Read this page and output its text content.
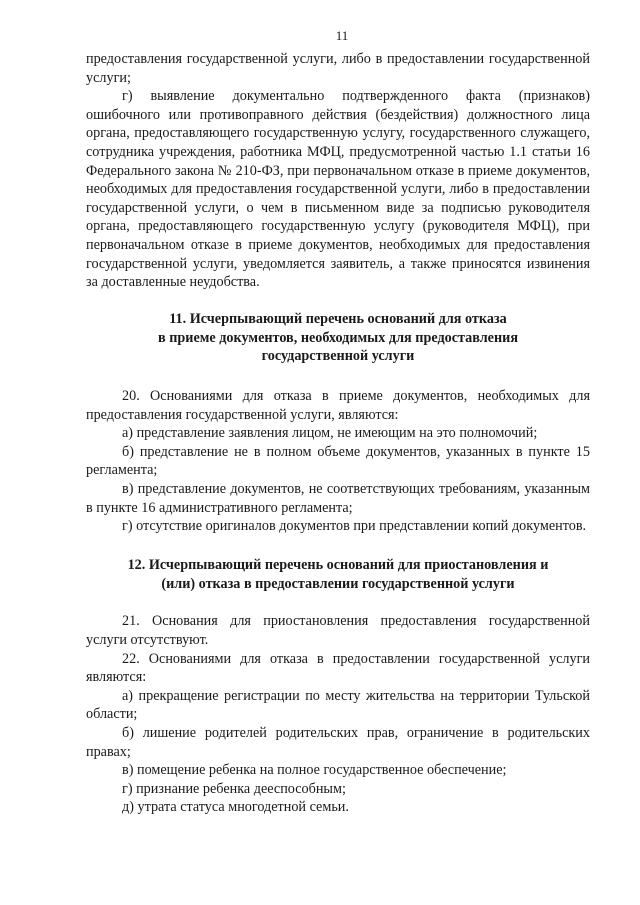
11

предоставления государственной услуги, либо в предоставлении государственной услуги;

г) выявление документально подтвержденного факта (признаков) ошибочного или противоправного действия (бездействия) должностного лица органа, предоставляющего государственную услугу, государственного служащего, сотрудника учреждения, работника МФЦ, предусмотренной частью 1.1 статьи 16 Федерального закона № 210-ФЗ, при первоначальном отказе в приеме документов, необходимых для предоставления государственной услуги, либо в предоставлении государственной услуги, о чем в письменном виде за подписью руководителя органа, предоставляющего государственную услугу (руководителя МФЦ), при первоначальном отказе в приеме документов, необходимых для предоставления государственной услуги, уведомляется заявитель, а также приносятся извинения за доставленные неудобства.

11. Исчерпывающий перечень оснований для отказа
в приеме документов, необходимых для предоставления
государственной услуги

20. Основаниями для отказа в приеме документов, необходимых для предоставления государственной услуги, являются:

а) представление заявления лицом, не имеющим на это полномочий;

б) представление не в полном объеме документов, указанных в пункте 15 регламента;

в) представление документов, не соответствующих требованиям, указанным в пункте 16 административного регламента;

г) отсутствие оригиналов документов при представлении копий документов.

12. Исчерпывающий перечень оснований для приостановления и
(или) отказа в предоставлении государственной услуги

21. Основания для приостановления предоставления государственной услуги отсутствуют.

22. Основаниями для отказа в предоставлении государственной услуги являются:

а) прекращение регистрации по месту жительства на территории Тульской области;

б) лишение родителей родительских прав, ограничение в родительских правах;

в) помещение ребенка на полное государственное обеспечение;

г) признание ребенка дееспособным;

д) утрата статуса многодетной семьи.
